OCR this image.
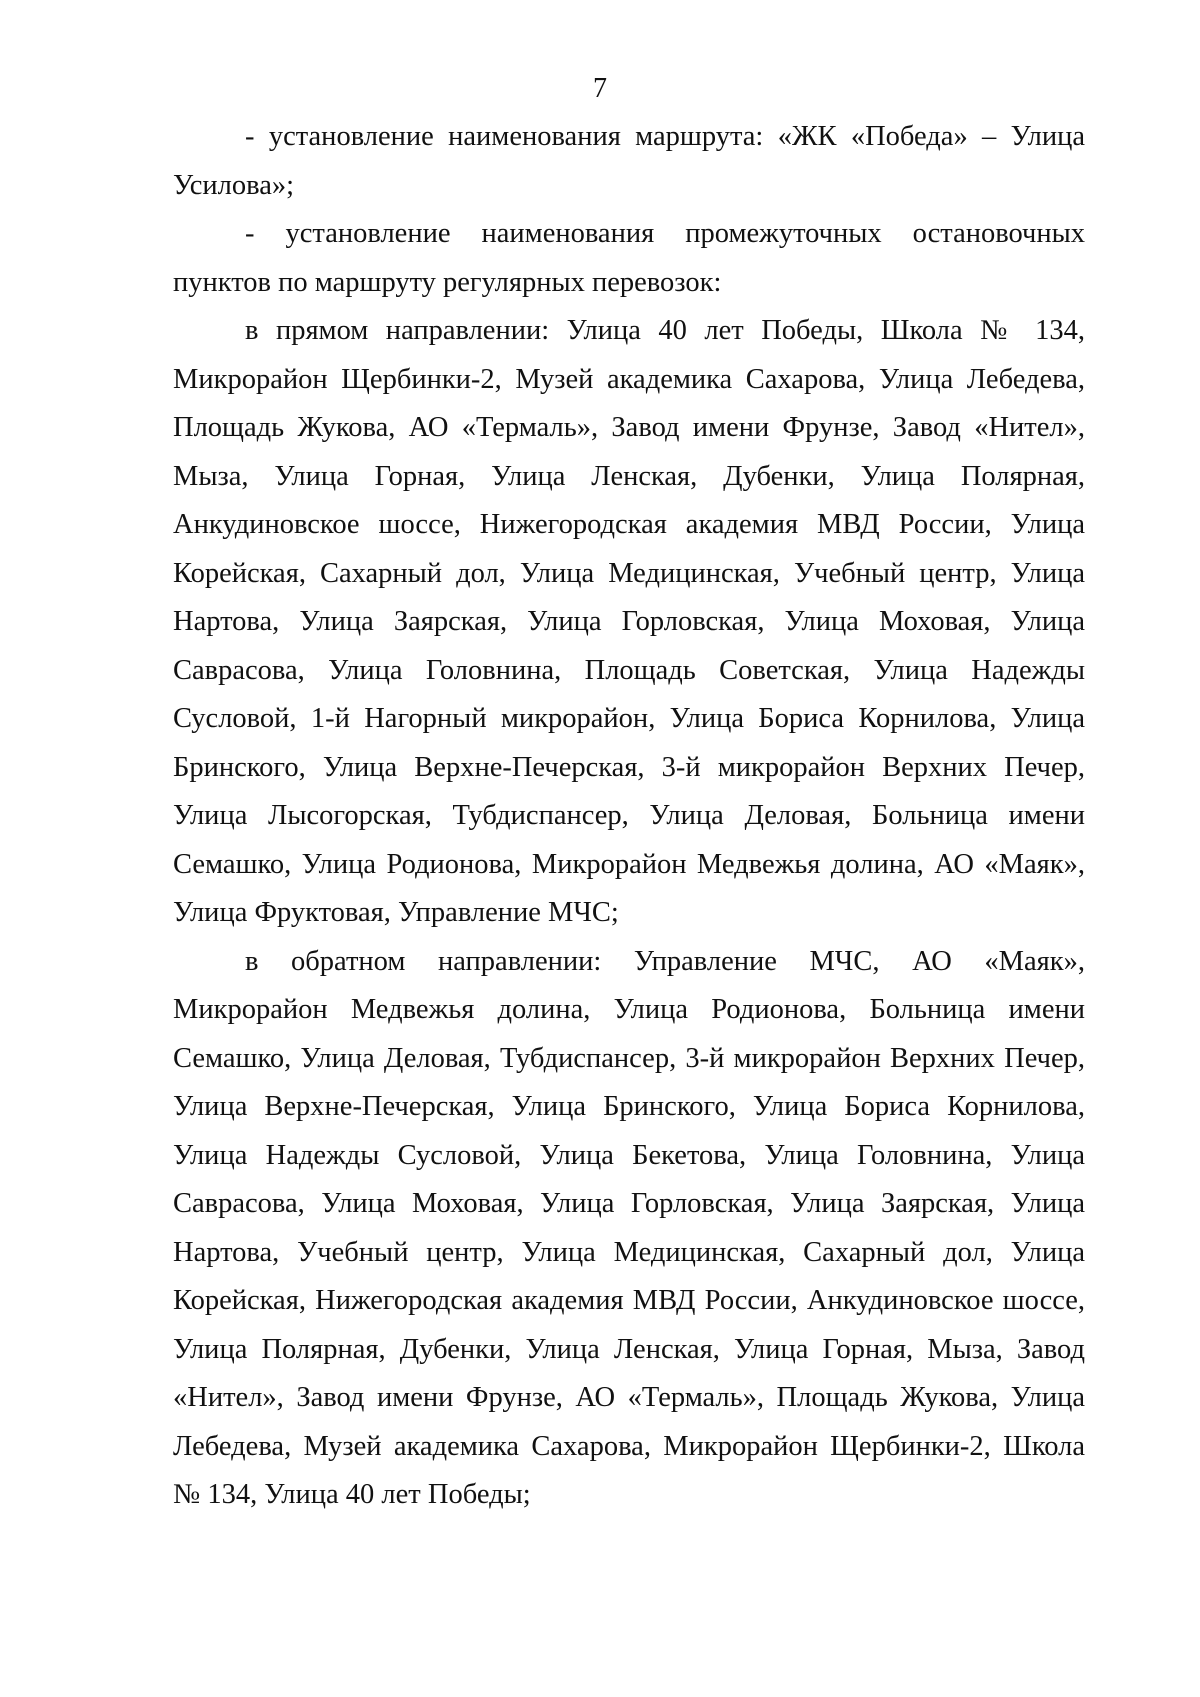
7

- установление наименования маршрута: «ЖК «Победа» – Улица Усилова»;

- установление наименования промежуточных остановочных пунктов по маршруту регулярных перевозок:

в прямом направлении: Улица 40 лет Победы, Школа № 134, Микрорайон Щербинки-2, Музей академика Сахарова, Улица Лебедева, Площадь Жукова, АО «Термаль», Завод имени Фрунзе, Завод «Нител», Мыза, Улица Горная, Улица Ленская, Дубенки, Улица Полярная, Анкудиновское шоссе, Нижегородская академия МВД России, Улица Корейская, Сахарный дол, Улица Медицинская, Учебный центр, Улица Нартова, Улица Заярская, Улица Горловская, Улица Моховая, Улица Саврасова, Улица Головнина, Площадь Советская, Улица Надежды Сусловой, 1-й Нагорный микрорайон, Улица Бориса Корнилова, Улица Бринского, Улица Верхне-Печерская, 3-й микрорайон Верхних Печер, Улица Лысогорская, Тубдиспансер, Улица Деловая, Больница имени Семашко, Улица Родионова, Микрорайон Медвежья долина, АО «Маяк», Улица Фруктовая, Управление МЧС;

в обратном направлении: Управление МЧС, АО «Маяк», Микрорайон Медвежья долина, Улица Родионова, Больница имени Семашко, Улица Деловая, Тубдиспансер, 3-й микрорайон Верхних Печер, Улица Верхне-Печерская, Улица Бринского, Улица Бориса Корнилова, Улица Надежды Сусловой, Улица Бекетова, Улица Головнина, Улица Саврасова, Улица Моховая, Улица Горловская, Улица Заярская, Улица Нартова, Учебный центр, Улица Медицинская, Сахарный дол, Улица Корейская, Нижегородская академия МВД России, Анкудиновское шоссе, Улица Полярная, Дубенки, Улица Ленская, Улица Горная, Мыза, Завод «Нител», Завод имени Фрунзе, АО «Термаль», Площадь Жукова, Улица Лебедева, Музей академика Сахарова, Микрорайон Щербинки-2, Школа № 134, Улица 40 лет Победы;
